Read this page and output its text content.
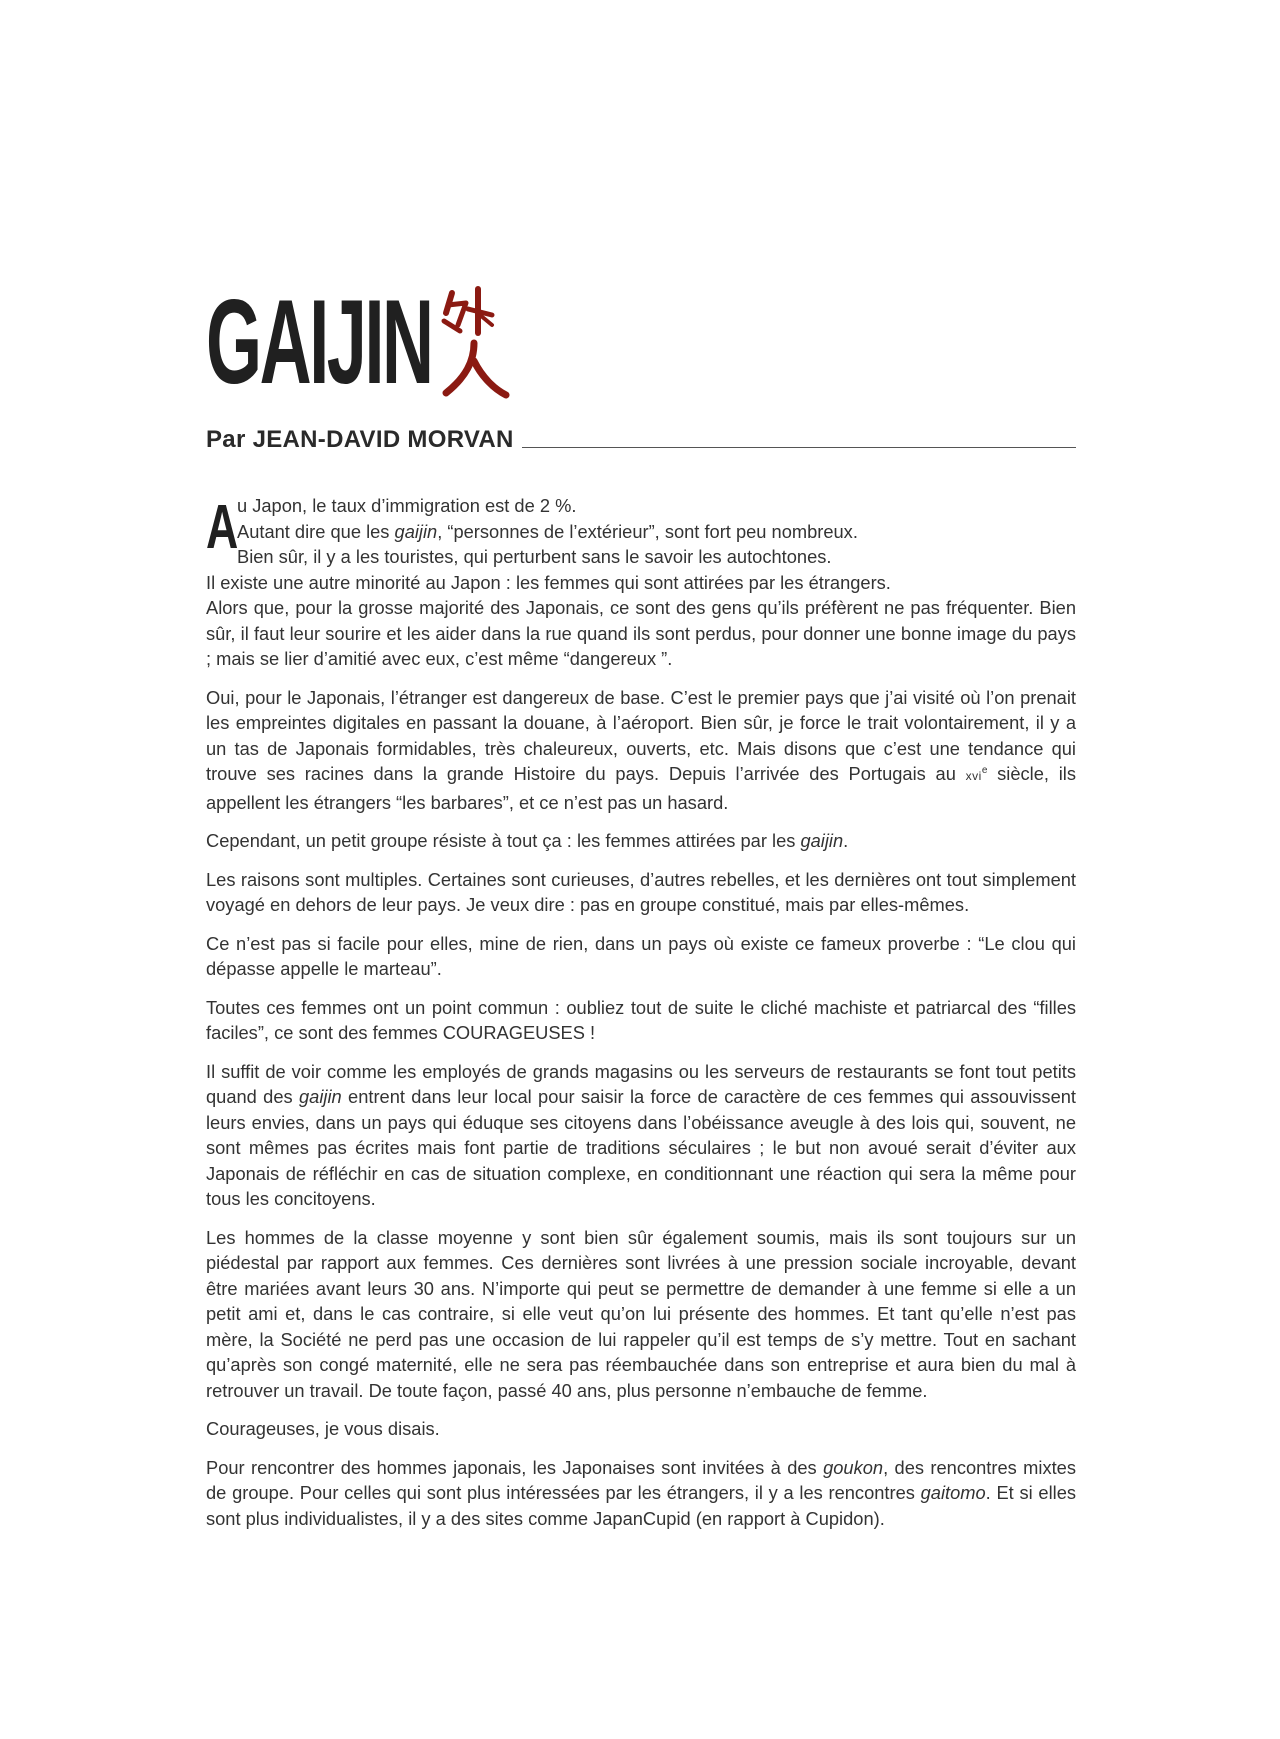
GAIJIN
Par JEAN-DAVID MORVAN

A
u Japon, le taux d’immigration est de 2 %.
Autant dire que les gaijin, “personnes de l’extérieur”, sont fort peu nombreux.
Bien sûr, il y a les touristes, qui perturbent sans le savoir les autochtones.
Il existe une autre minorité au Japon : les femmes qui sont attirées par les étrangers.
Alors que, pour la grosse majorité des Japonais, ce sont des gens qu’ils préfèrent ne pas fréquenter. Bien sûr, il faut leur sourire et les aider dans la rue quand ils sont perdus, pour donner une bonne image du pays ; mais se lier d’amitié avec eux, c’est même “dangereux ”.

Oui, pour le Japonais, l’étranger est dangereux de base. C’est le premier pays que j’ai visité où l’on prenait les empreintes digitales en passant la douane, à l’aéroport. Bien sûr, je force le trait volontairement, il y a un tas de Japonais formidables, très chaleureux, ouverts, etc. Mais disons que c’est une tendance qui trouve ses racines dans la grande Histoire du pays. Depuis l’arrivée des Portugais au xvi$^e$ siècle, ils appellent les étrangers “les barbares”, et ce n’est pas un hasard.

Cependant, un petit groupe résiste à tout ça : les femmes attirées par les gaijin.

Les raisons sont multiples. Certaines sont curieuses, d’autres rebelles, et les dernières ont tout simplement voyagé en dehors de leur pays. Je veux dire : pas en groupe constitué, mais par elles-mêmes.

Ce n’est pas si facile pour elles, mine de rien, dans un pays où existe ce fameux proverbe : “Le clou qui dépasse appelle le marteau”.

Toutes ces femmes ont un point commun : oubliez tout de suite le cliché machiste et patriarcal des “filles faciles”, ce sont des femmes COURAGEUSES !

Il suffit de voir comme les employés de grands magasins ou les serveurs de restaurants se font tout petits quand des gaijin entrent dans leur local pour saisir la force de caractère de ces femmes qui assouvissent leurs envies, dans un pays qui éduque ses citoyens dans l’obéissance aveugle à des lois qui, souvent, ne sont mêmes pas écrites mais font partie de traditions séculaires ; le but non avoué serait d’éviter aux Japonais de réfléchir en cas de situation complexe, en conditionnant une réaction qui sera la même pour tous les concitoyens.

Les hommes de la classe moyenne y sont bien sûr également soumis, mais ils sont toujours sur un piédestal par rapport aux femmes. Ces dernières sont livrées à une pression sociale incroyable, devant être mariées avant leurs 30 ans. N’importe qui peut se permettre de demander à une femme si elle a un petit ami et, dans le cas contraire, si elle veut qu’on lui présente des hommes. Et tant qu’elle n’est pas mère, la Société ne perd pas une occasion de lui rappeler qu’il est temps de s’y mettre. Tout en sachant qu’après son congé maternité, elle ne sera pas réembauchée dans son entreprise et aura bien du mal à retrouver un travail. De toute façon, passé 40 ans, plus personne n’embauche de femme.

Courageuses, je vous disais.

Pour rencontrer des hommes japonais, les Japonaises sont invitées à des goukon, des rencontres mixtes de groupe. Pour celles qui sont plus intéressées par les étrangers, il y a les rencontres gaitomo. Et si elles sont plus individualistes, il y a des sites comme JapanCupid (en rapport à Cupidon).
